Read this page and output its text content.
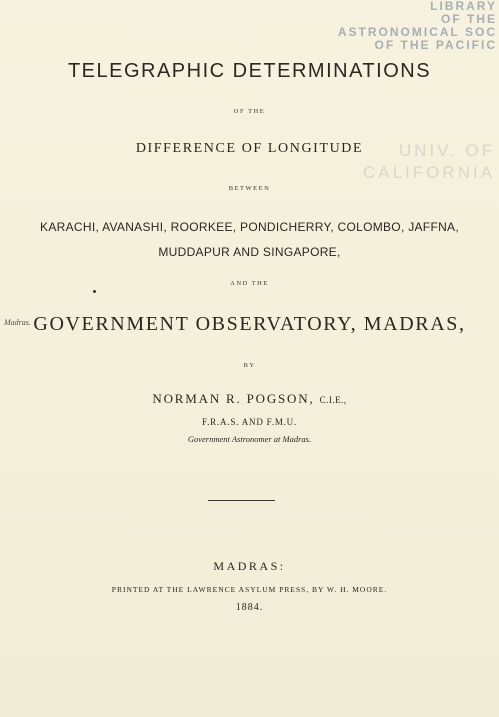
LIBRARY
OF THE
ASTRONOMICAL SOC
OF THE PACIFIC
UNIV. OF
CALIFORNIA
Madras.
TELEGRAPHIC DETERMINATIONS
OF THE
DIFFERENCE OF LONGITUDE
BETWEEN
KARACHI, AVANASHI, ROORKEE, PONDICHERRY, COLOMBO, JAFFNA,
MUDDAPUR AND SINGAPORE,
AND THE
GOVERNMENT OBSERVATORY, MADRAS,
BY
NORMAN R. POGSON, C.I.E.,
F.R.A.S. AND F.M.U.
Government Astronomer at Madras.
MADRAS:
PRINTED AT THE LAWRENCE ASYLUM PRESS, BY W. H. MOORE.
1884.
